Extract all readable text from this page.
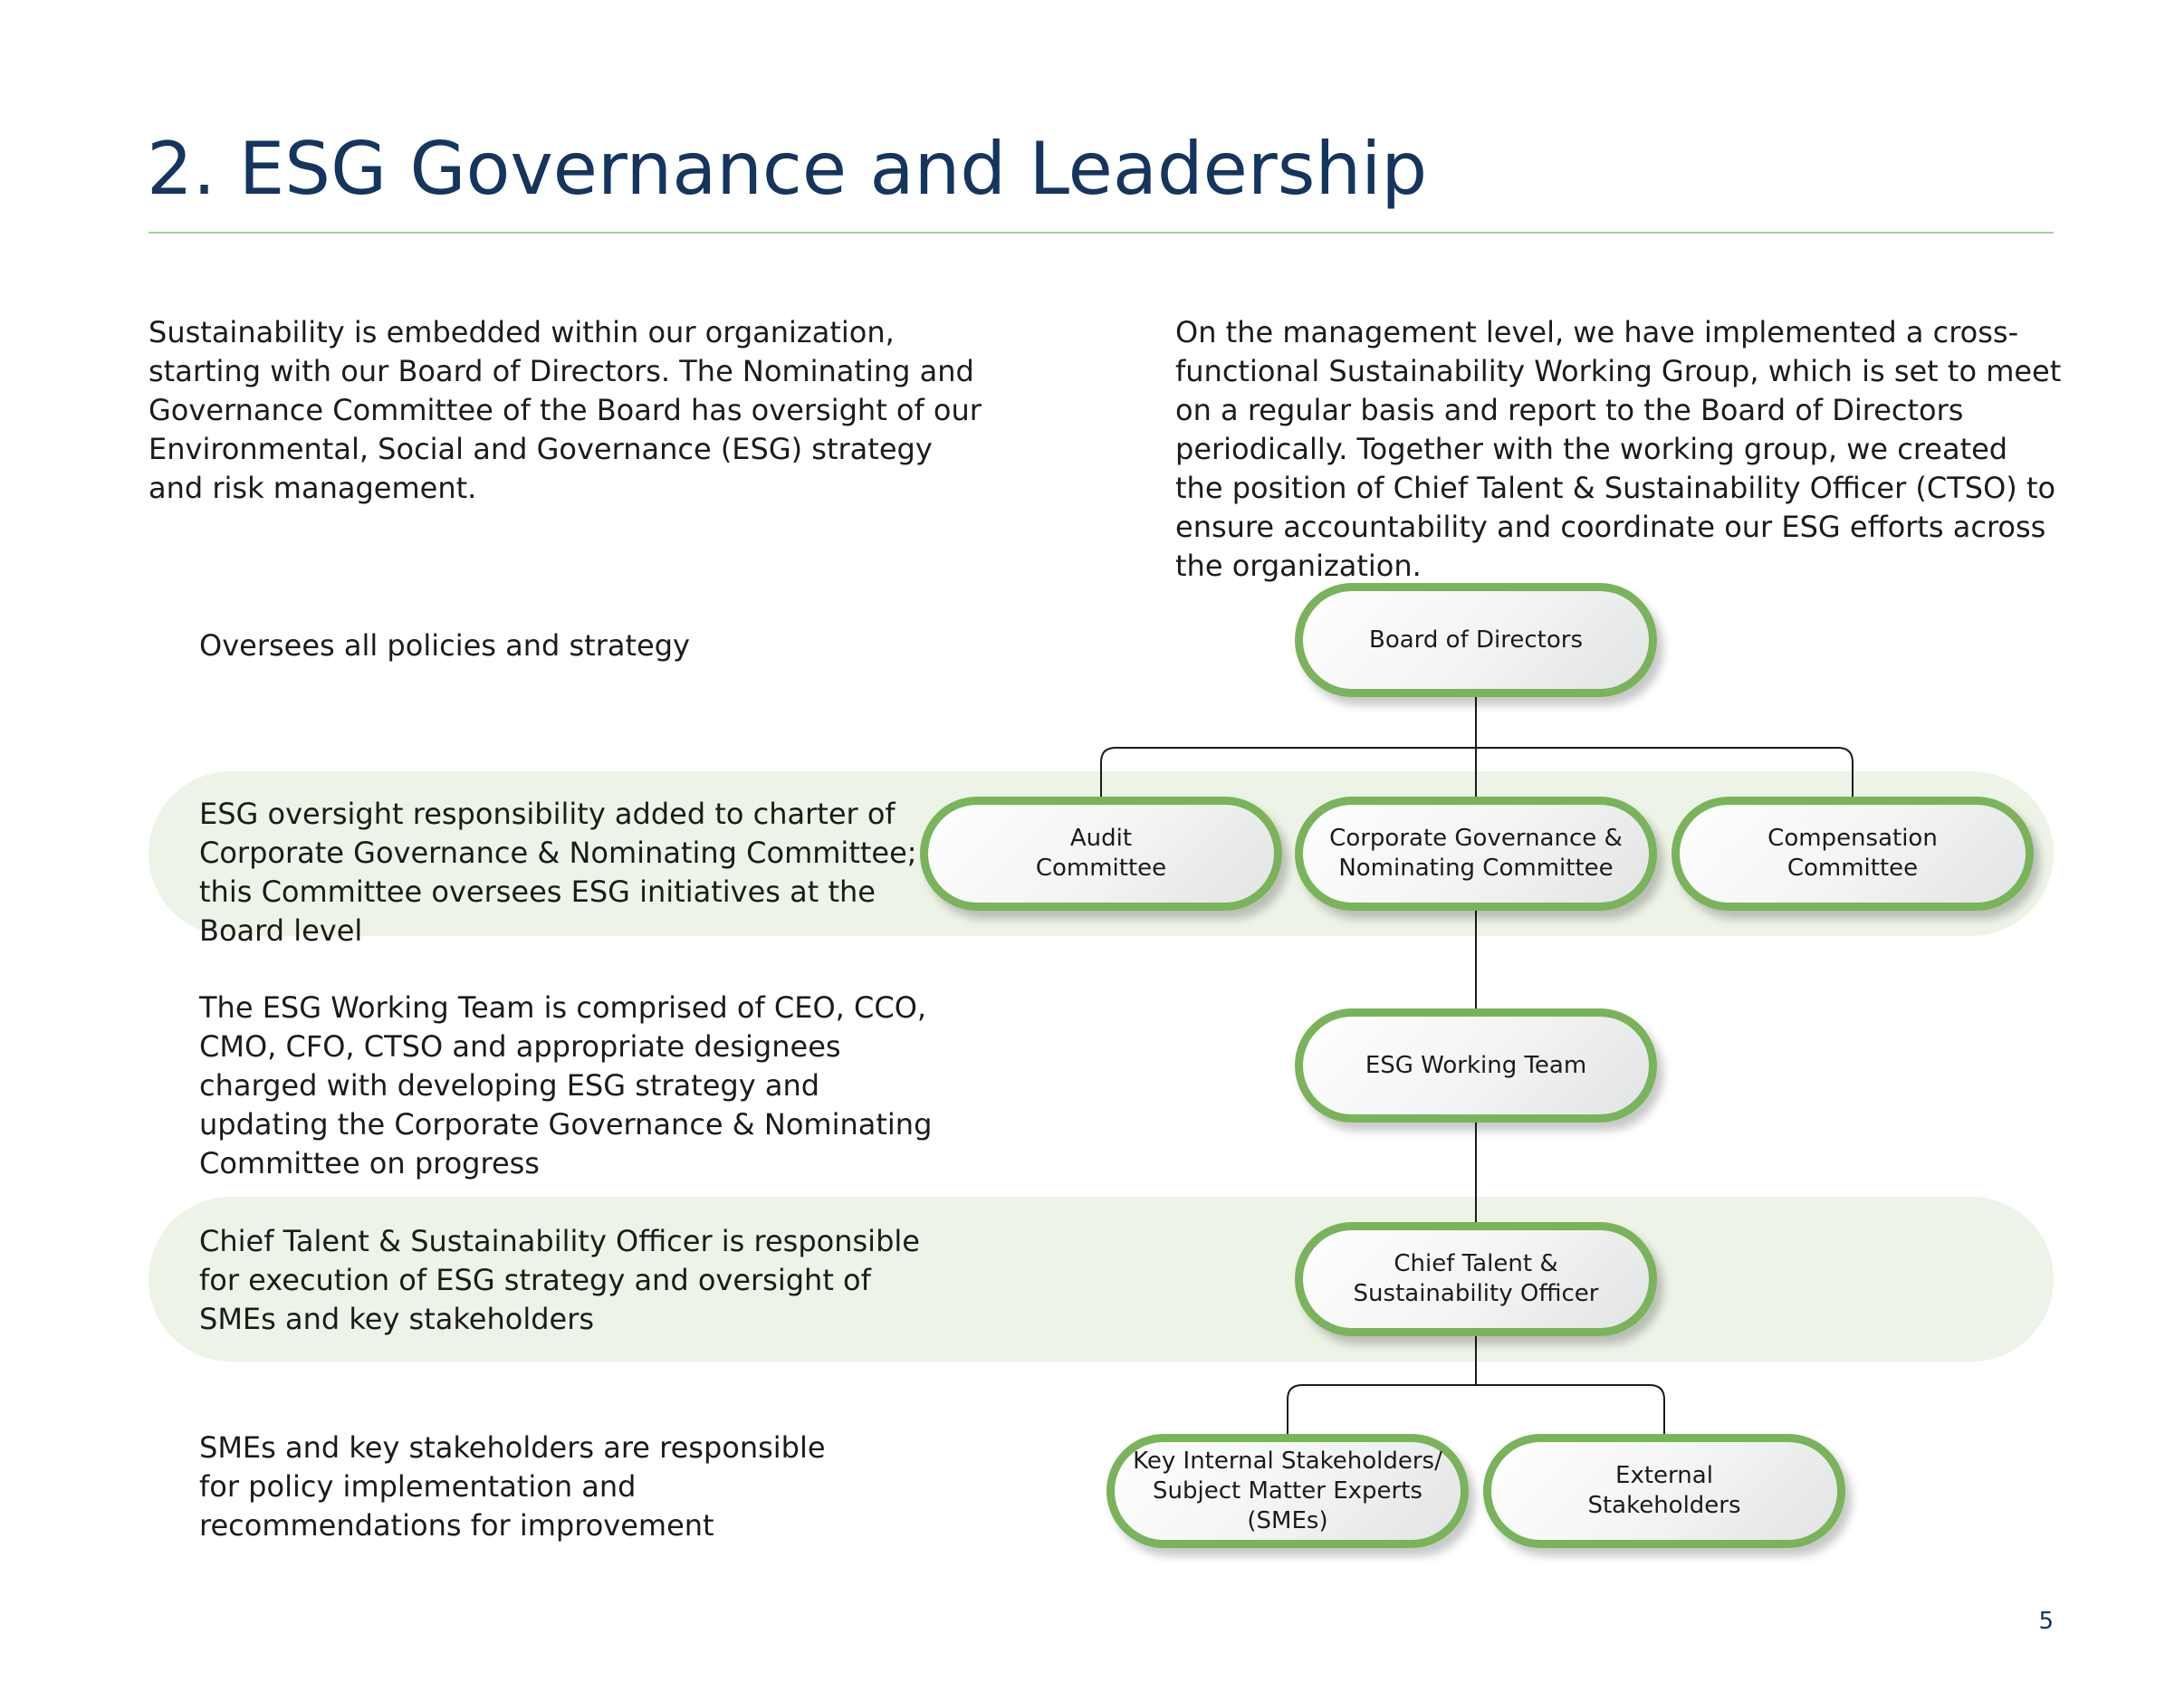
2. ESG Governance and Leadership

Sustainability is embedded within our organization, starting with our Board of Directors. The Nominating and Governance Committee of the Board has oversight of our Environmental, Social and Governance (ESG) strategy and risk management.

On the management level, we have implemented a cross-functional Sustainability Working Group, which is set to meet on a regular basis and report to the Board of Directors periodically. Together with the working group, we created the position of Chief Talent & Sustainability Officer (CTSO) to ensure accountability and coordinate our ESG efforts across the organization.

Oversees all policies and strategy

ESG oversight responsibility added to charter of Corporate Governance & Nominating Committee; this Committee oversees ESG initiatives at the Board level

The ESG Working Team is comprised of CEO, CCO, CMO, CFO, CTSO and appropriate designees charged with developing ESG strategy and updating the Corporate Governance & Nominating Committee on progress

Chief Talent & Sustainability Officer is responsible for execution of ESG strategy and oversight of SMEs and key stakeholders

SMEs and key stakeholders are responsible for policy implementation and recommendations for improvement

Board of Directors
Audit
Committee
Corporate Governance &
Nominating Committee
Compensation
Committee
ESG Working Team
Chief Talent &
Sustainability Officer
Key Internal Stakeholders/
Subject Matter Experts (SMEs)
External
Stakeholders
5
